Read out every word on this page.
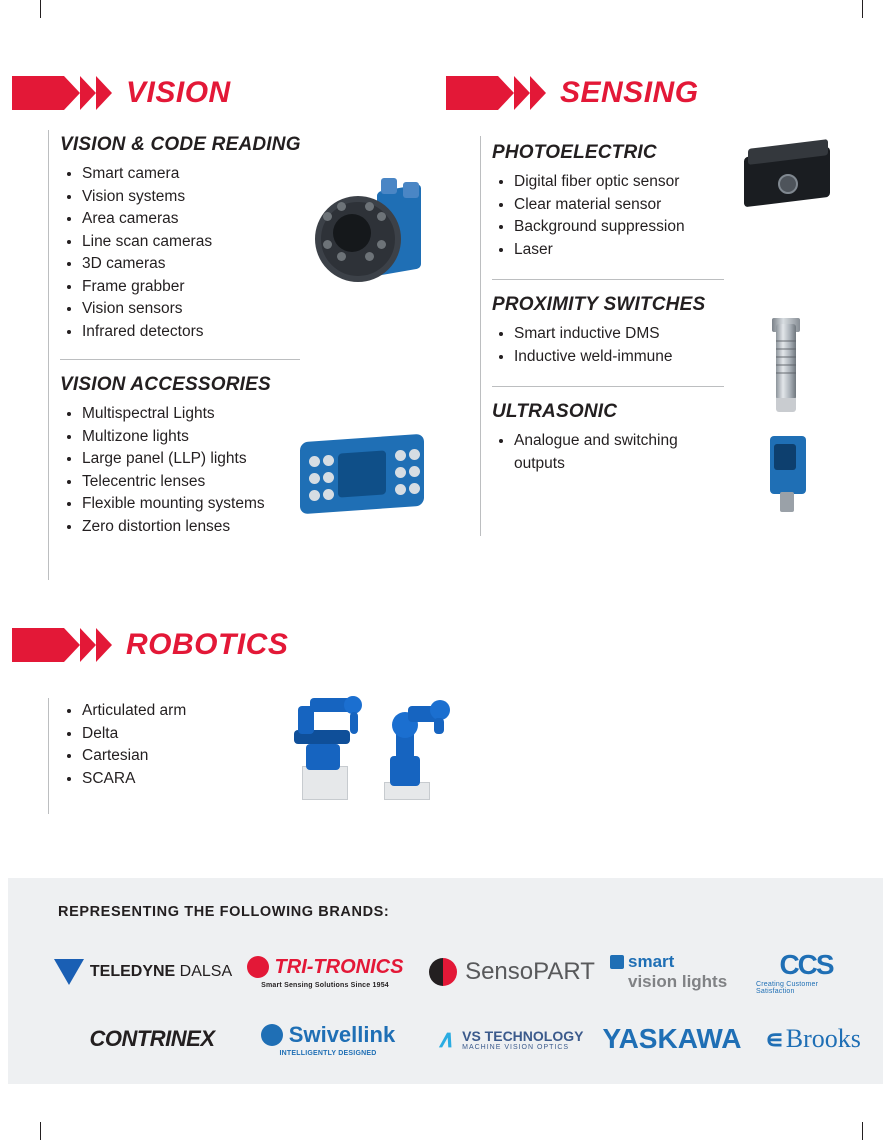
VISION
VISION & CODE READING
• Smart camera
• Vision systems
• Area cameras
• Line scan cameras
• 3D cameras
• Frame grabber
• Vision sensors
• Infrared detectors
VISION ACCESSORIES
• Multispectral Lights
• Multizone lights
• Large panel (LLP) lights
• Telecentric lenses
• Flexible mounting systems
• Zero distortion lenses
SENSING
PHOTOELECTRIC
• Digital fiber optic sensor
• Clear material sensor
• Background suppression
• Laser
PROXIMITY SWITCHES
• Smart inductive DMS
• Inductive weld-immune
ULTRASONIC
• Analogue and switching outputs
ROBOTICS
• Articulated arm
• Delta
• Cartesian
• SCARA
REPRESENTING THE FOLLOWING BRANDS:
TELEDYNE DALSA TRI-TRONICS
Smart Sensing Solutions Since 1954	SensoPART smart
vision lights
CCS
Creating Customer Satisfaction
CONTRINEX	Swivellink
INTELLIGENTLY DESIGNED
∧ VS TECHNOLOGY
MACHINE VISION OPTICS	YASKAWA ∊ Brooks
